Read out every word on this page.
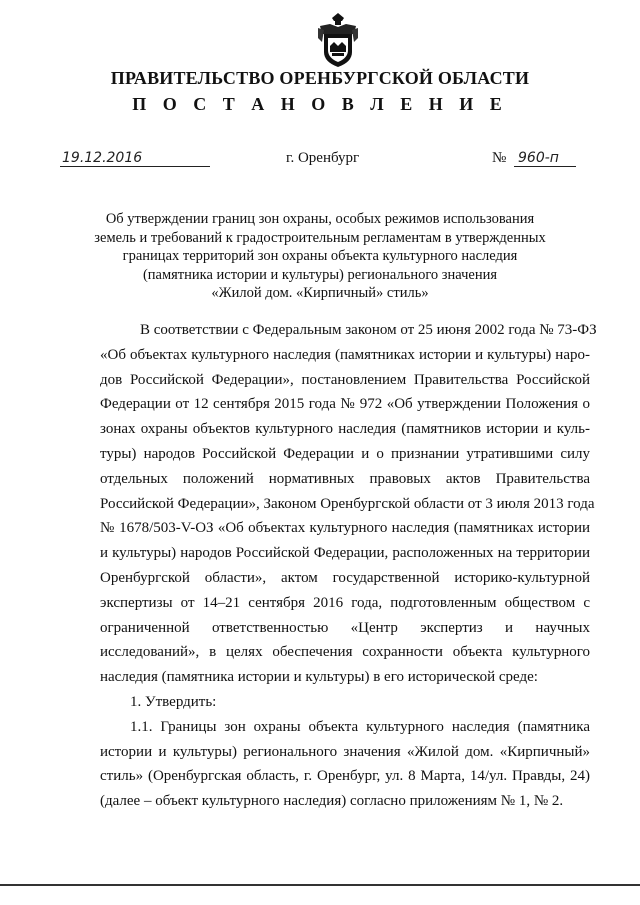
ПРАВИТЕЛЬСТВО ОРЕНБУРГСКОЙ ОБЛАСТИ
П О С Т А Н О В Л Е Н И Е
19.12.2016	г. Оренбург	№ 960-п
Об утверждении границ зон охраны, особых режимов использования
земель и требований к градостроительным регламентам в утвержденных
границах территорий зон охраны объекта культурного наследия
(памятника истории и культуры) регионального значения
«Жилой дом. «Кирпичный» стиль»
В соответствии с Федеральным законом от 25 июня 2002 года № 73-ФЗ
«Об объектах культурного наследия (памятниках истории и культуры) наро-
дов Российской Федерации», постановлением Правительства Российской
Федерации от 12 сентября 2015 года № 972 «Об утверждении Положения о
зонах охраны объектов культурного наследия (памятников истории и куль-
туры) народов Российской Федерации и о признании утратившими силу
отдельных положений нормативных правовых актов Правительства
Российской Федерации», Законом Оренбургской области от 3 июля 2013 года
№ 1678/503-V-ОЗ «Об объектах культурного наследия (памятниках истории
и культуры) народов Российской Федерации, расположенных на территории
Оренбургской области», актом государственной историко-культурной
экспертизы от 14–21 сентября 2016 года, подготовленным обществом с
ограниченной ответственностью «Центр экспертиз и научных
исследований», в целях обеспечения сохранности объекта культурного
наследия (памятника истории и культуры) в его исторической среде:
1. Утвердить:
1.1. Границы зон охраны объекта культурного наследия (памятника
истории и культуры) регионального значения «Жилой дом. «Кирпичный»
стиль» (Оренбургская область, г. Оренбург, ул. 8 Марта, 14/ул. Правды, 24)
(далее – объект культурного наследия) согласно приложениям № 1, № 2.
